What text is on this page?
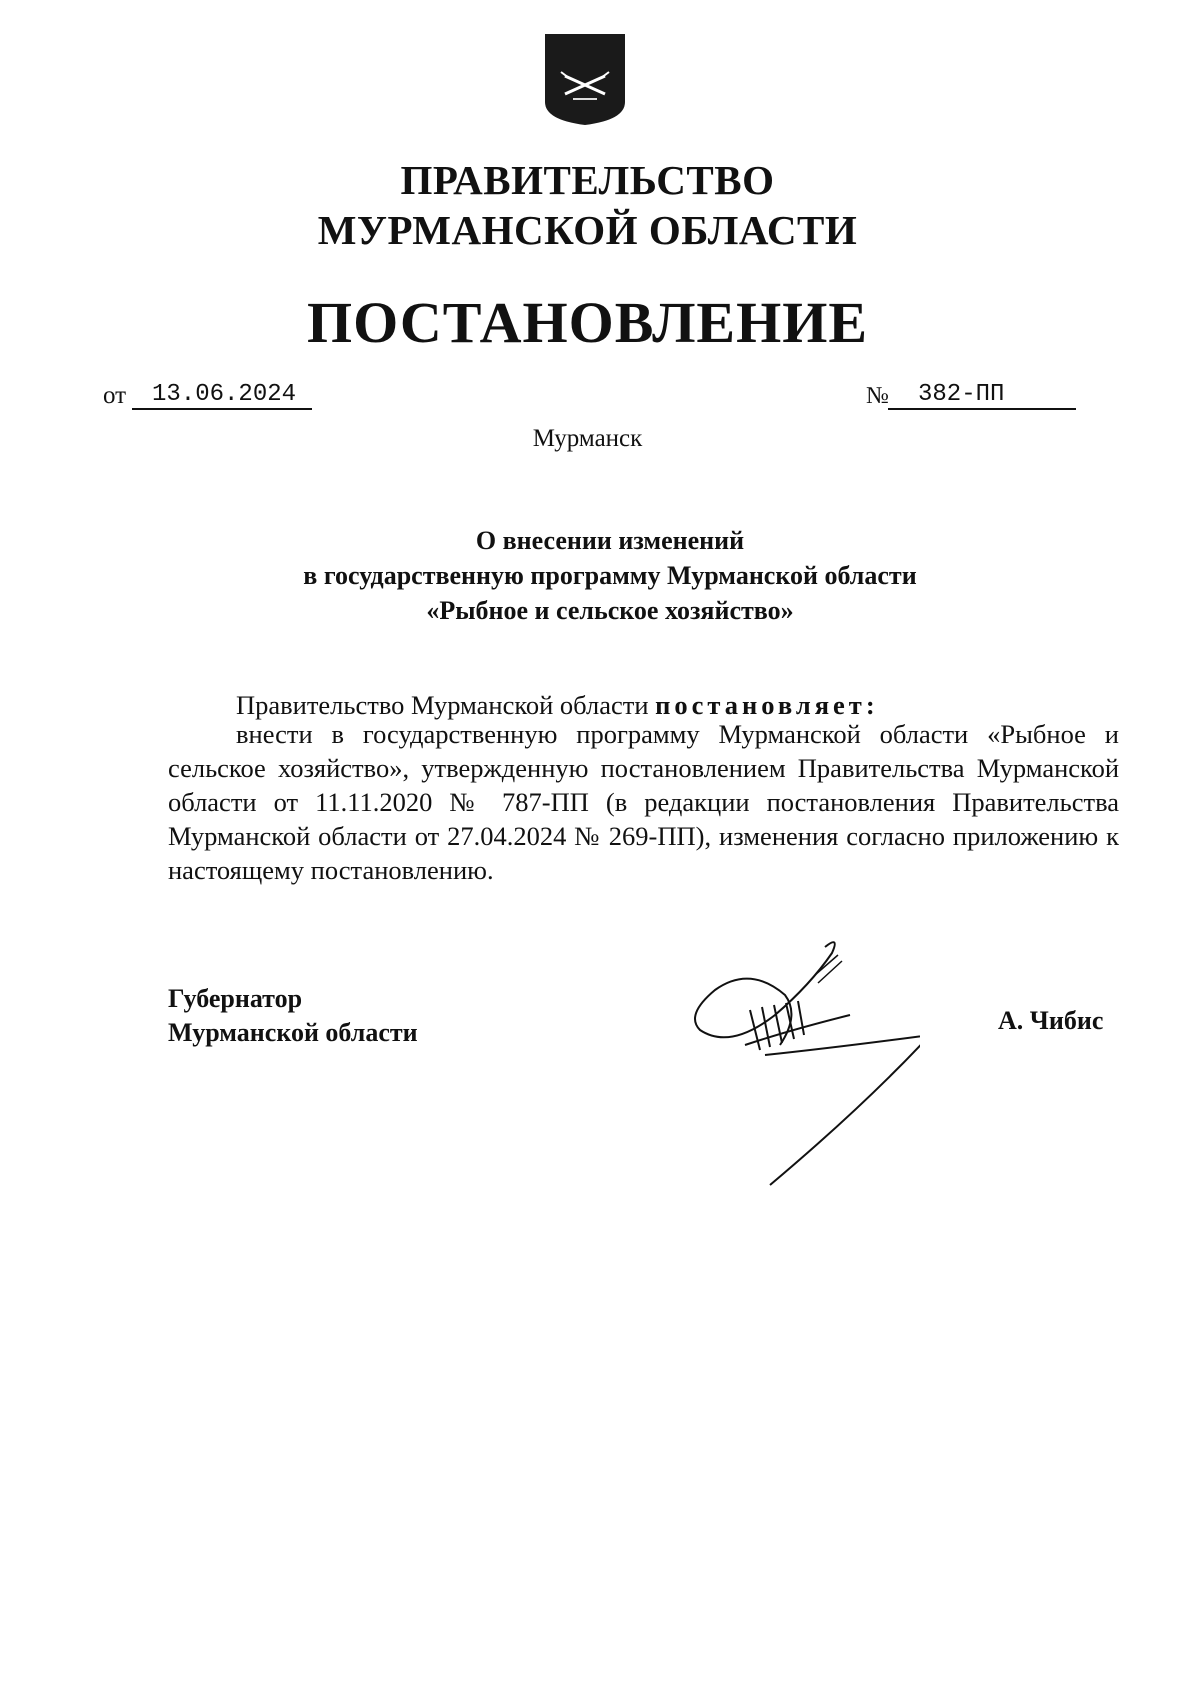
ПРАВИТЕЛЬСТВО
МУРМАНСКОЙ ОБЛАСТИ
ПОСТАНОВЛЕНИЕ
от	13.06.2024	№	382-ПП
Мурманск
О внесении изменений
в государственную программу Мурманской области
«Рыбное и сельское хозяйство»
Правительство Мурманской области постановляет:
внести в государственную программу Мурманской области «Рыбное и сельское хозяйство», утвержденную постановлением Правительства Мурманской области от 11.11.2020 № 787-ПП (в редакции постановления Правительства Мурманской области от 27.04.2024 № 269-ПП), изменения согласно приложению к настоящему постановлению.
Губернатор
Мурманской области	А. Чибис
